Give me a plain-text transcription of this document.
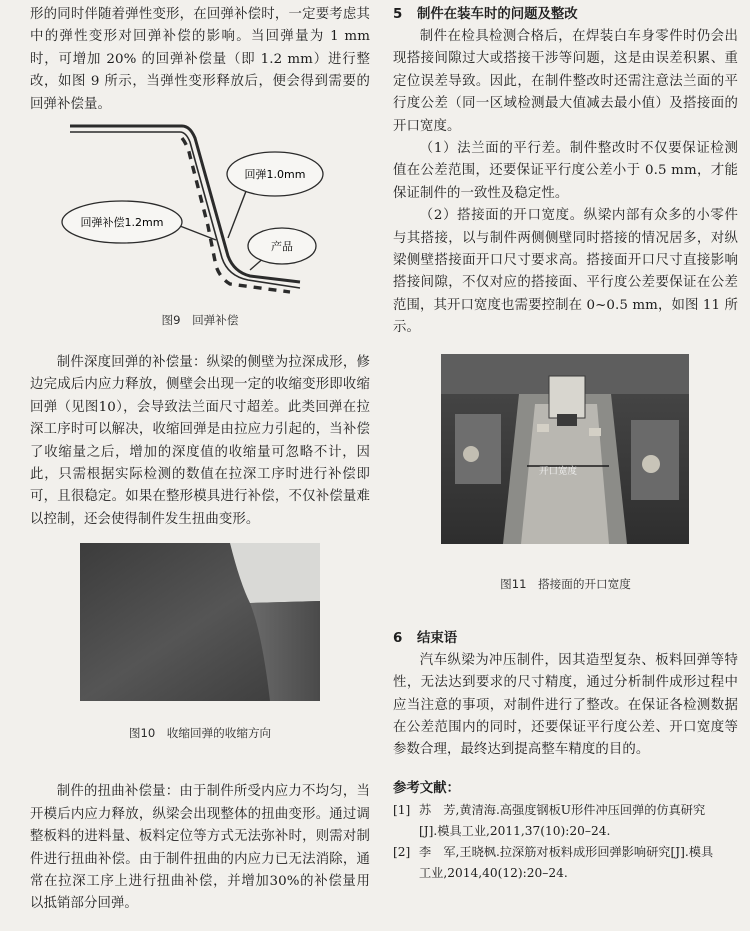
形的同时伴随着弹性变形，在回弹补偿时，一定要考虑其中的弹性变形对回弹补偿的影响。当回弹量为 1 mm 时，可增加 20% 的回弹补偿量（即 1.2 mm）进行整改，如图 9 所示，当弹性变形释放后，便会得到需要的回弹补偿量。

回弹1.0mm
回弹补偿1.2mm
产品
图9　回弹补偿

制件深度回弹的补偿量：纵梁的侧壁为拉深成形，修边完成后内应力释放，侧壁会出现一定的收缩变形即收缩回弹（见图10），会导致法兰面尺寸超差。此类回弹在拉深工序时可以解决，收缩回弹是由拉应力引起的，当补偿了收缩量之后，增加的深度值的收缩量可忽略不计，因此，只需根据实际检测的数值在拉深工序时进行补偿即可，且很稳定。如果在整形模具进行补偿，不仅补偿量难以控制，还会使得制件发生扭曲变形。

图10　收缩回弹的收缩方向

制件的扭曲补偿量：由于制件所受内应力不均匀，当开模后内应力释放，纵梁会出现整体的扭曲变形。通过调整板料的进料量、板料定位等方式无法弥补时，则需对制件进行扭曲补偿。由于制件扭曲的内应力已无法消除，通常在拉深工序上进行扭曲补偿，并增加30%的补偿量用以抵销部分回弹。

5 制件在装车时的问题及整改

制件在检具检测合格后，在焊装白车身零件时仍会出现搭接间隙过大或搭接干涉等问题，这是由误差积累、重定位误差导致。因此，在制件整改时还需注意法兰面的平行度公差（同一区域检测最大值减去最小值）及搭接面的开口宽度。

（1）法兰面的平行差。制件整改时不仅要保证检测值在公差范围，还要保证平行度公差小于 0.5 mm，才能保证制件的一致性及稳定性。

（2）搭接面的开口宽度。纵梁内部有众多的小零件与其搭接，以与制件两侧侧壁同时搭接的情况居多，对纵梁侧壁搭接面开口尺寸要求高。搭接面开口尺寸直接影响搭接间隙，不仅对应的搭接面、平行度公差要保证在公差范围，其开口宽度也需要控制在 0~0.5 mm，如图 11 所示。

开口宽度
图11　搭接面的开口宽度
6 结束语

汽车纵梁为冲压制件，因其造型复杂、板料回弹等特性，无法达到要求的尺寸精度，通过分析制件成形过程中应当注意的事项，对制件进行了整改。在保证各检测数据在公差范围内的同时，还要保证平行度公差、开口宽度等参数合理，最终达到提高整车精度的目的。

参考文献：

[1] 苏　芳,黄清海.高强度钢板U形件冲压回弹的仿真研究
[J].模具工业,2011,37(10):20–24.

[2] 李　军,王晓枫.拉深筋对板料成形回弹影响研究[J].模具
工业,2014,40(12):20–24.
